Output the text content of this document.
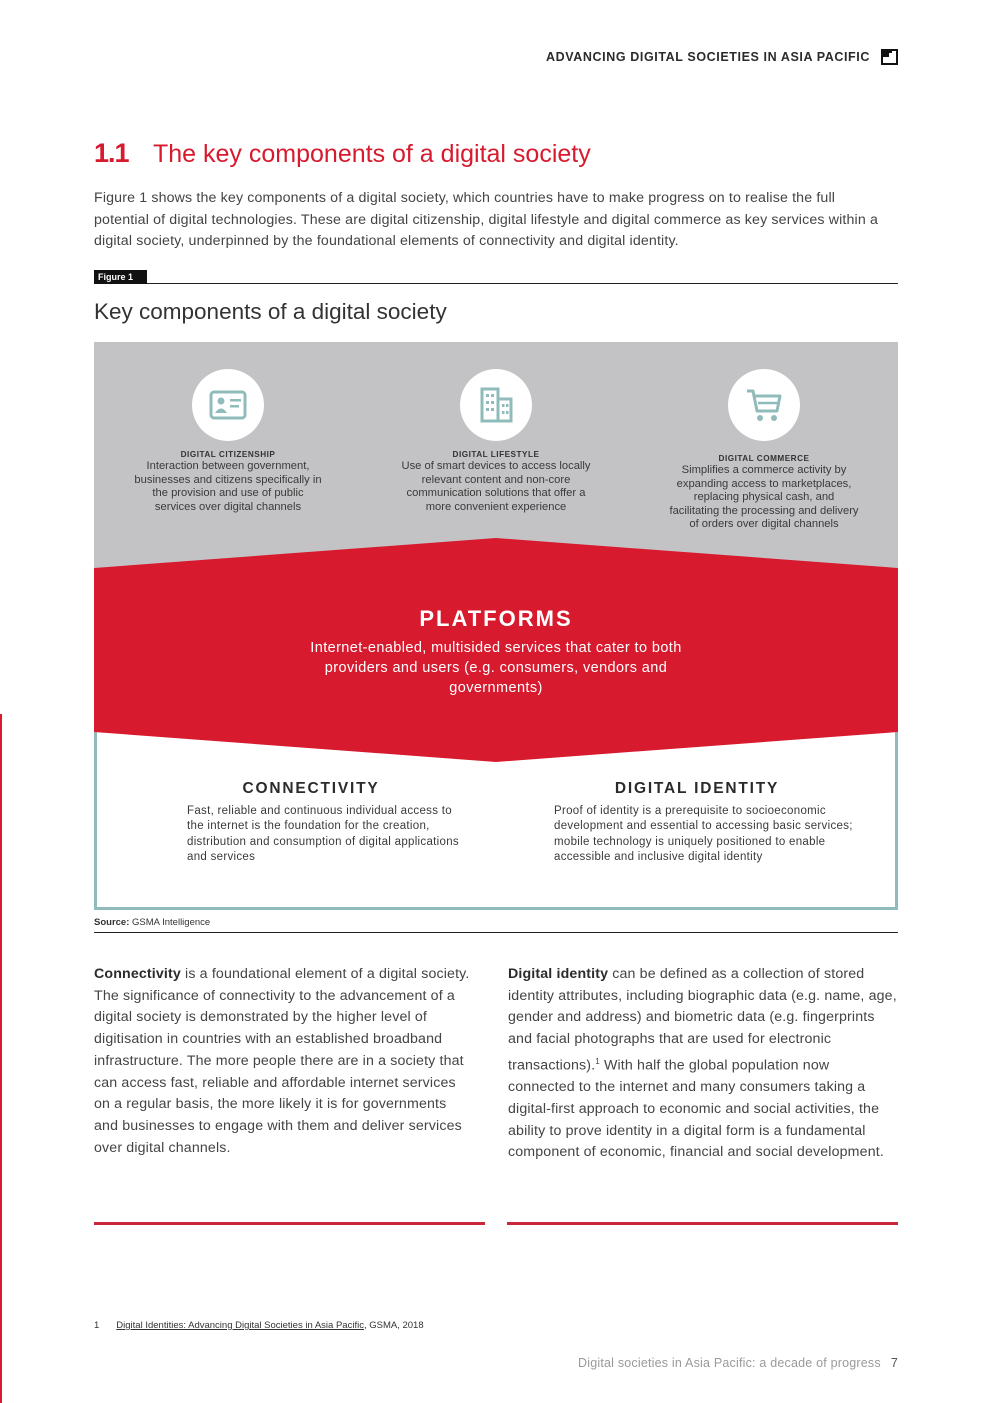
ADVANCING DIGITAL SOCIETIES IN ASIA PACIFIC
1.1 The key components of a digital society
Figure 1 shows the key components of a digital society, which countries have to make progress on to realise the full potential of digital technologies. These are digital citizenship, digital lifestyle and digital commerce as key services within a digital society, underpinned by the foundational elements of connectivity and digital identity.
Figure 1
Key components of a digital society
DIGITAL CITIZENSHIP
Interaction between government, businesses and citizens specifically in the provision and use of public services over digital channels
DIGITAL LIFESTYLE
Use of smart devices to access locally relevant content and non-core communication solutions that offer a more convenient experience
DIGITAL COMMERCE
Simplifies a commerce activity by expanding access to marketplaces, replacing physical cash, and facilitating the processing and delivery of orders over digital channels
PLATFORMS
Internet-enabled, multisided services that cater to both providers and users (e.g. consumers, vendors and governments)
CONNECTIVITY
Fast, reliable and continuous individual access to the internet is the foundation for the creation, distribution and consumption of digital applications and services
DIGITAL IDENTITY
Proof of identity is a prerequisite to socioeconomic development and essential to accessing basic services; mobile technology is uniquely positioned to enable accessible and inclusive digital identity
Source: GSMA Intelligence
Connectivity is a foundational element of a digital society. The significance of connectivity to the advancement of a digital society is demonstrated by the higher level of digitisation in countries with an established broadband infrastructure. The more people there are in a society that can access fast, reliable and affordable internet services on a regular basis, the more likely it is for governments and businesses to engage with them and deliver services over digital channels.
Digital identity can be defined as a collection of stored identity attributes, including biographic data (e.g. name, age, gender and address) and biometric data (e.g. fingerprints and facial photographs that are used for electronic transactions).$^1$ With half the global population now connected to the internet and many consumers taking a digital-first approach to economic and social activities, the ability to prove identity in a digital form is a fundamental component of economic, financial and social development.
1 Digital Identities: Advancing Digital Societies in Asia Pacific, GSMA, 2018
Digital societies in Asia Pacific: a decade of progress 7
